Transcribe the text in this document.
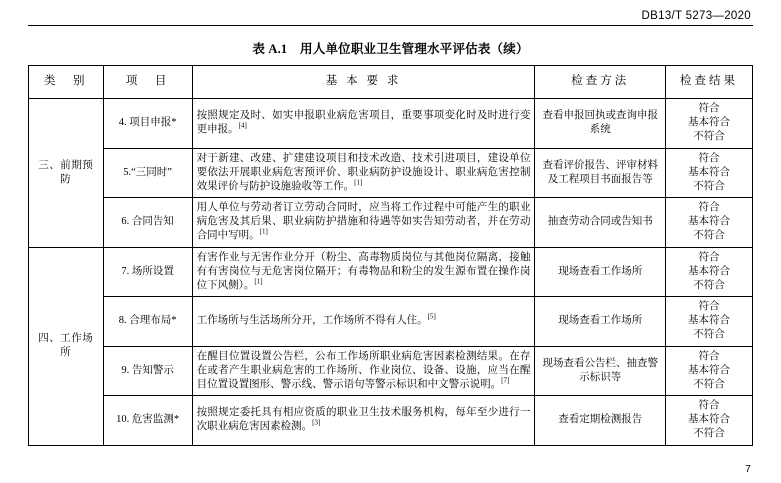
DB13/T 5273—2020
表 A.1　用人单位职业卫生管理水平评估表（续）
类　别	项　目	基 本 要 求	检查方法	检查结果
三、前期预防	4. 项目申报*	按照规定及时、如实申报职业病危害项目，重要事项变化时及时进行变更申报。[4]	查看申报回执或查询申报系统	符合
基本符合
不符合

	5.“三同时”	对于新建、改建、扩建建设项目和技术改造、技术引进项目，建设单位要依法开展职业病危害预评价、职业病防护设施设计、职业病危害控制效果评价与防护设施验收等工作。[1]	查看评价报告、评审材料及工程项目书面报告等	符合
基本符合
不符合

	6. 合同告知	用人单位与劳动者订立劳动合同时，应当将工作过程中可能产生的职业病危害及其后果、职业病防护措施和待遇等如实告知劳动者，并在劳动合同中写明。[1]	抽查劳动合同或告知书	符合
基本符合
不符合

四、工作场所	7. 场所设置	有害作业与无害作业分开（粉尘、高毒物质岗位与其他岗位隔离，接触有有害岗位与无危害岗位隔开；有毒物品和粉尘的发生源布置在操作岗位下风侧）。[1]	现场查看工作场所	符合
基本符合
不符合

	8. 合理布局*	工作场所与生活场所分开，工作场所不得有人住。[5]	现场查看工作场所	符合
基本符合
不符合

	9. 告知警示	在醒目位置设置公告栏，公布工作场所职业病危害因素检测结果。在存在或者产生职业病危害的工作场所、作业岗位、设备、设施，应当在醒目位置设置图形、警示线、警示语句等警示标识和中文警示说明。[7]	现场查看公告栏、抽查警示标识等	符合
基本符合
不符合

	10. 危害监测*	按照规定委托具有相应资质的职业卫生技术服务机构，每年至少进行一次职业病危害因素检测。[3]	查看定期检测报告	符合
基本符合
不符合
7
